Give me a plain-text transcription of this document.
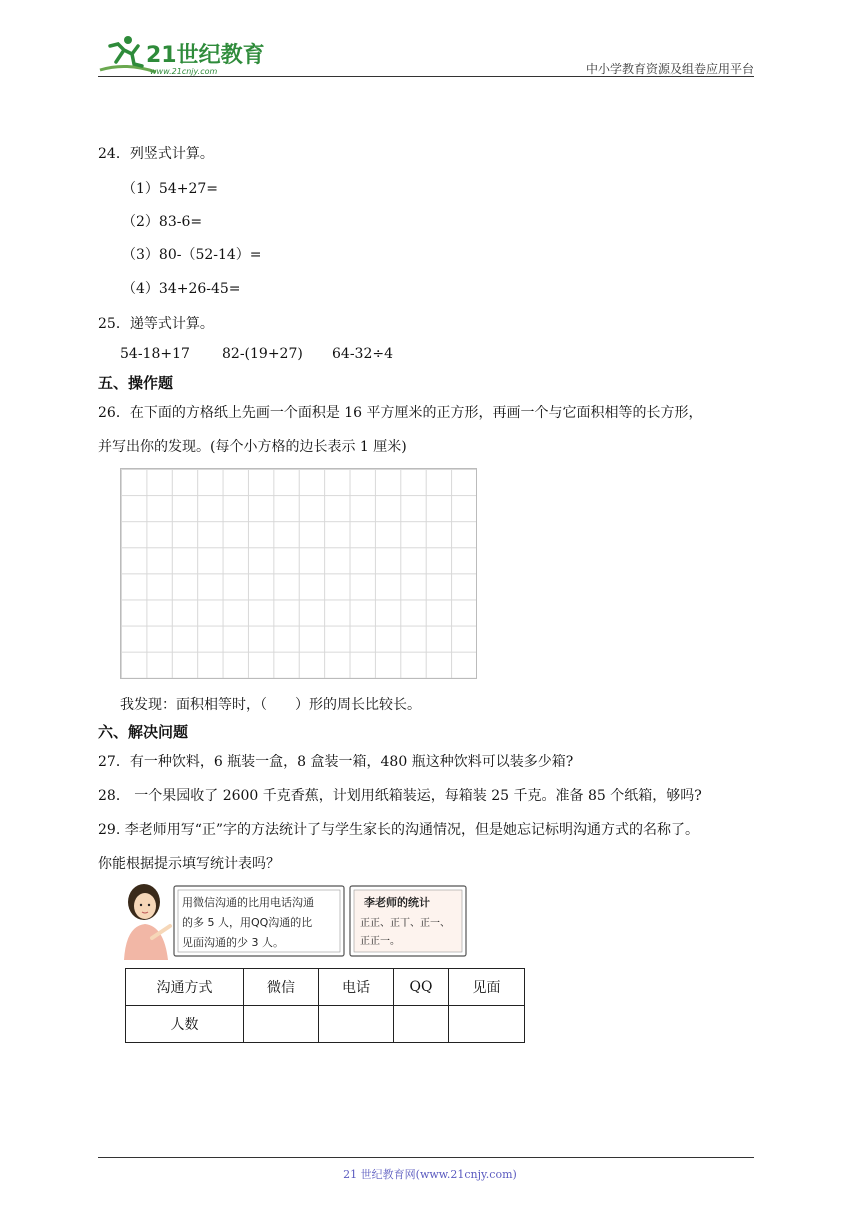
21世纪教育
www.21cnjy.com	中小学教育资源及组卷应用平台
24．列竖式计算。
（1）54+27=
（2）83-6=
（3）80-（52-14）=
（4）34+26-45=
25．递等式计算。
54-18+17 82-(19+27) 64-32÷4
五、操作题
26．在下面的方格纸上先画一个面积是 16 平方厘米的正方形，再画一个与它面积相等的长方形，
并写出你的发现。(每个小方格的边长表示 1 厘米)
我发现：面积相等时，（　　）形的周长比较长。
六、解决问题
27．有一种饮料，6 瓶装一盒，8 盒装一箱，480 瓶这种饮料可以装多少箱?
28． 一个果园收了 2600 千克香蕉，计划用纸箱装运，每箱装 25 千克。准备 85 个纸箱，够吗?
29. 李老师用写“正”字的方法统计了与学生家长的沟通情况，但是她忘记标明沟通方式的名称了。
你能根据提示填写统计表吗？
用微信沟通的比用电话沟通
的多 5 人，用QQ沟通的比
见面沟通的少 3 人。
李老师的统计
正正、正丅、正一、
正正一。
沟通方式	微信	电话	QQ	见面
人数				
21 世纪教育网(www.21cnjy.com)
